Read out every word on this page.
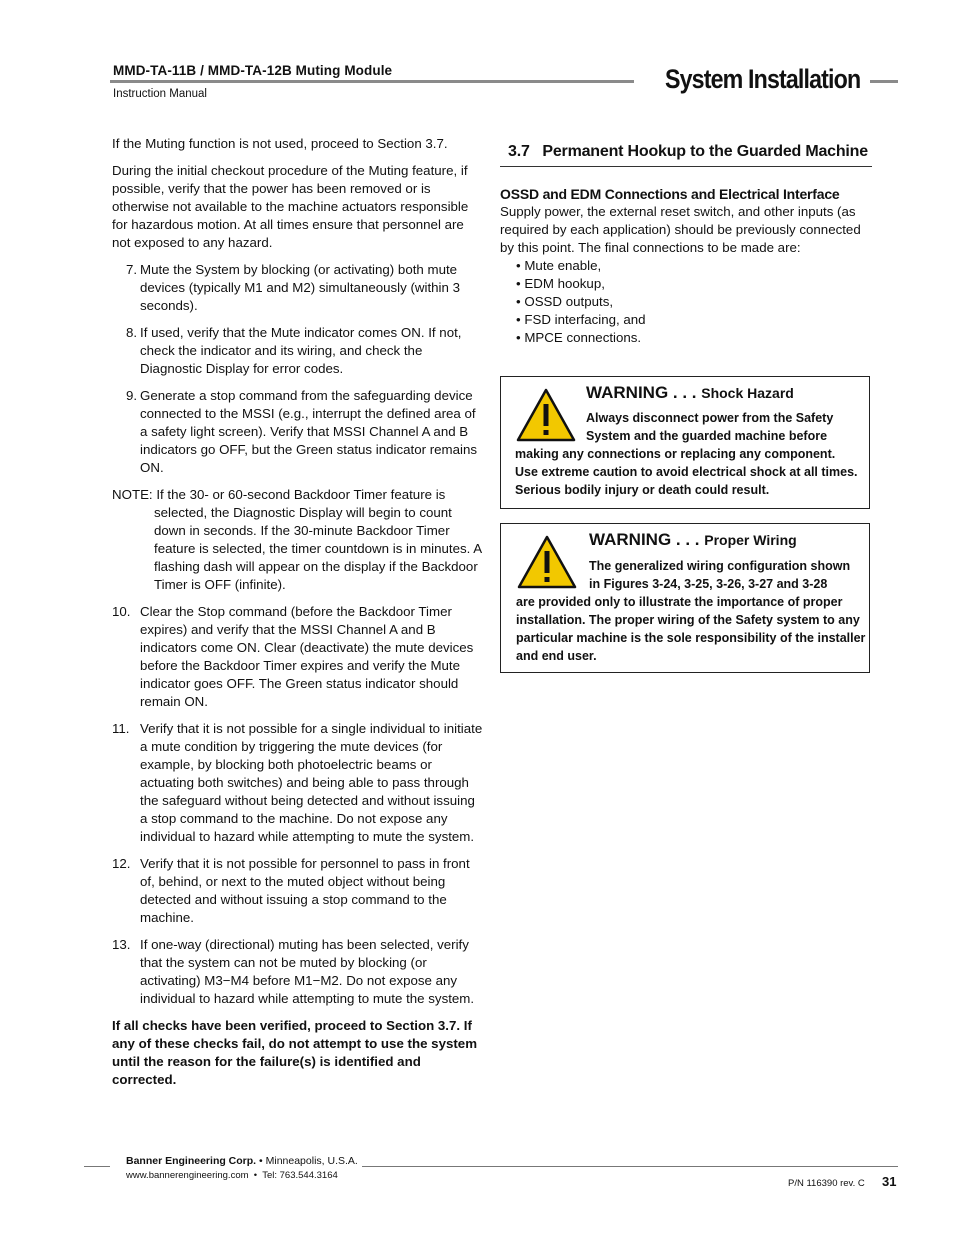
MMD-TA-11B / MMD-TA-12B Muting Module
Instruction Manual	System Installation

If the Muting function is not used, proceed to Section 3.7.

During the initial checkout procedure of the Muting feature, if possible, verify that the power has been removed or is otherwise not available to the machine actuators responsible for hazardous motion. At all times ensure that personnel are not exposed to any hazard.

7. Mute the System by blocking (or activating) both mute devices (typically M1 and M2) simultaneously (within 3 seconds).
8. If used, verify that the Mute indicator comes ON. If not, check the indicator and its wiring, and check the Diagnostic Display for error codes.
9. Generate a stop command from the safeguarding device connected to the MSSI (e.g., interrupt the defined area of a safety light screen). Verify that MSSI Channel A and B indicators go OFF, but the Green status indicator remains ON.
NOTE: If the 30- or 60-second Backdoor Timer feature is
selected, the Diagnostic Display will begin to count down in seconds. If the 30-minute Backdoor Timer feature is selected, the timer countdown is in minutes. A flashing dash will appear on the display if the Backdoor Timer is OFF (infinite).
10. Clear the Stop command (before the Backdoor Timer expires) and verify that the MSSI Channel A and B indicators come ON. Clear (deactivate) the mute devices before the Backdoor Timer expires and verify the Mute indicator goes OFF. The Green status indicator should remain ON.
11. Verify that it is not possible for a single individual to initiate a mute condition by triggering the mute devices (for example, by blocking both photoelectric beams or actuating both switches) and being able to pass through the safeguard without being detected and without issuing a stop command to the machine. Do not expose any individual to hazard while attempting to mute the system.
12. Verify that it is not possible for personnel to pass in front of, behind, or next to the muted object without being detected and without issuing a stop command to the machine.
13. If one-way (directional) muting has been selected, verify that the system can not be muted by blocking (or activating) M3−M4 before M1−M2. Do not expose any individual to hazard while attempting to mute the system.

If all checks have been verified, proceed to Section 3.7. If any of these checks fail, do not attempt to use the system until the reason for the failure(s) is identified and corrected.

3.7   Permanent Hookup to the Guarded Machine
OSSD and EDM Connections and Electrical Interface

Supply power, the external reset switch, and other inputs (as required by each application) should be previously connected by this point. The final connections to be made are:

• Mute enable,
• EDM hookup,
• OSSD outputs,
• FSD interfacing, and
• MPCE connections.
WARNING . . . Shock Hazard
Always disconnect power from the Safety
System and the guarded machine before
making any connections or replacing any component.
Use extreme caution to avoid electrical shock at all times.
Serious bodily injury or death could result.
WARNING . . . Proper Wiring
The generalized wiring configuration shown
in Figures 3-24, 3-25, 3-26, 3-27 and 3-28
are provided only to illustrate the importance of proper
installation. The proper wiring of the Safety system to any
particular machine is the sole responsibility of the installer
and end user.
Banner Engineering Corp. • Minneapolis, U.S.A.
www.bannerengineering.com  •  Tel: 763.544.3164
P/N 116390 rev. C 31
